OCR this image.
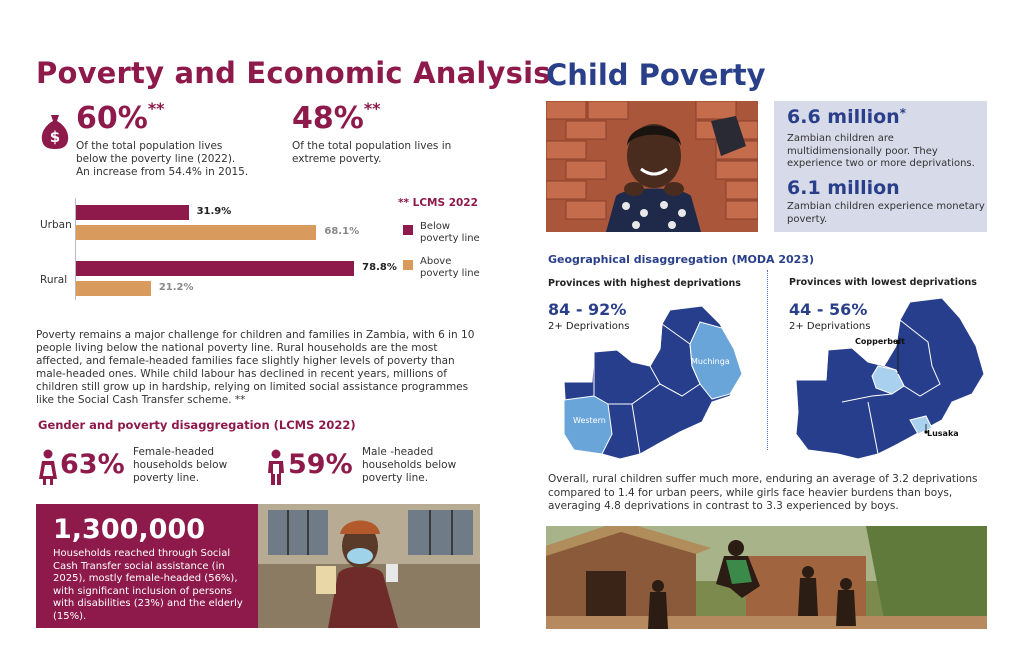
Poverty and Economic Analysis
$
60%**
Of the total population lives
below the poverty line (2022).
An increase from 54.4% in 2015.
48%**
Of the total population lives in
extreme poverty.
Urban
Rural
31.9%
68.1%
78.8%
21.2%
** LCMS 2022
Below
poverty line
Above
poverty line
Poverty remains a major challenge for children and families in Zambia, with 6 in 10 people living below the national poverty line. Rural households are the most affected, and female-headed families face slightly higher levels of poverty than male-headed ones. While child labour has declined in recent years, millions of children still grow up in hardship, relying on limited social assistance programmes like the Social Cash Transfer scheme. **
Gender and poverty disaggregation (LCMS 2022)
63% Female-headed
households below
poverty line.	59% Male -headed
households below
poverty line.
1,300,000
Households reached through Social Cash Transfer social assistance (in 2025), mostly female-headed (56%), with significant inclusion of persons with disabilities (23%) and the elderly (15%).
Child Poverty
6.6 million*
Zambian children are
multidimensionally poor. They
experience two or more deprivations.
6.1 million
Zambian children experience monetary
poverty.
Geographical disaggregation (MODA 2023)
Provinces with highest deprivations
84 - 92%
2+ Deprivations
Provinces with lowest deprivations
44 - 56%
2+ Deprivations
Muchinga
Western
Copperbelt
Lusaka
Overall, rural children suffer much more, enduring an average of 3.2 deprivations compared to 1.4 for urban peers, while girls face heavier burdens than boys, averaging 4.8 deprivations in contrast to 3.3 experienced by boys.
